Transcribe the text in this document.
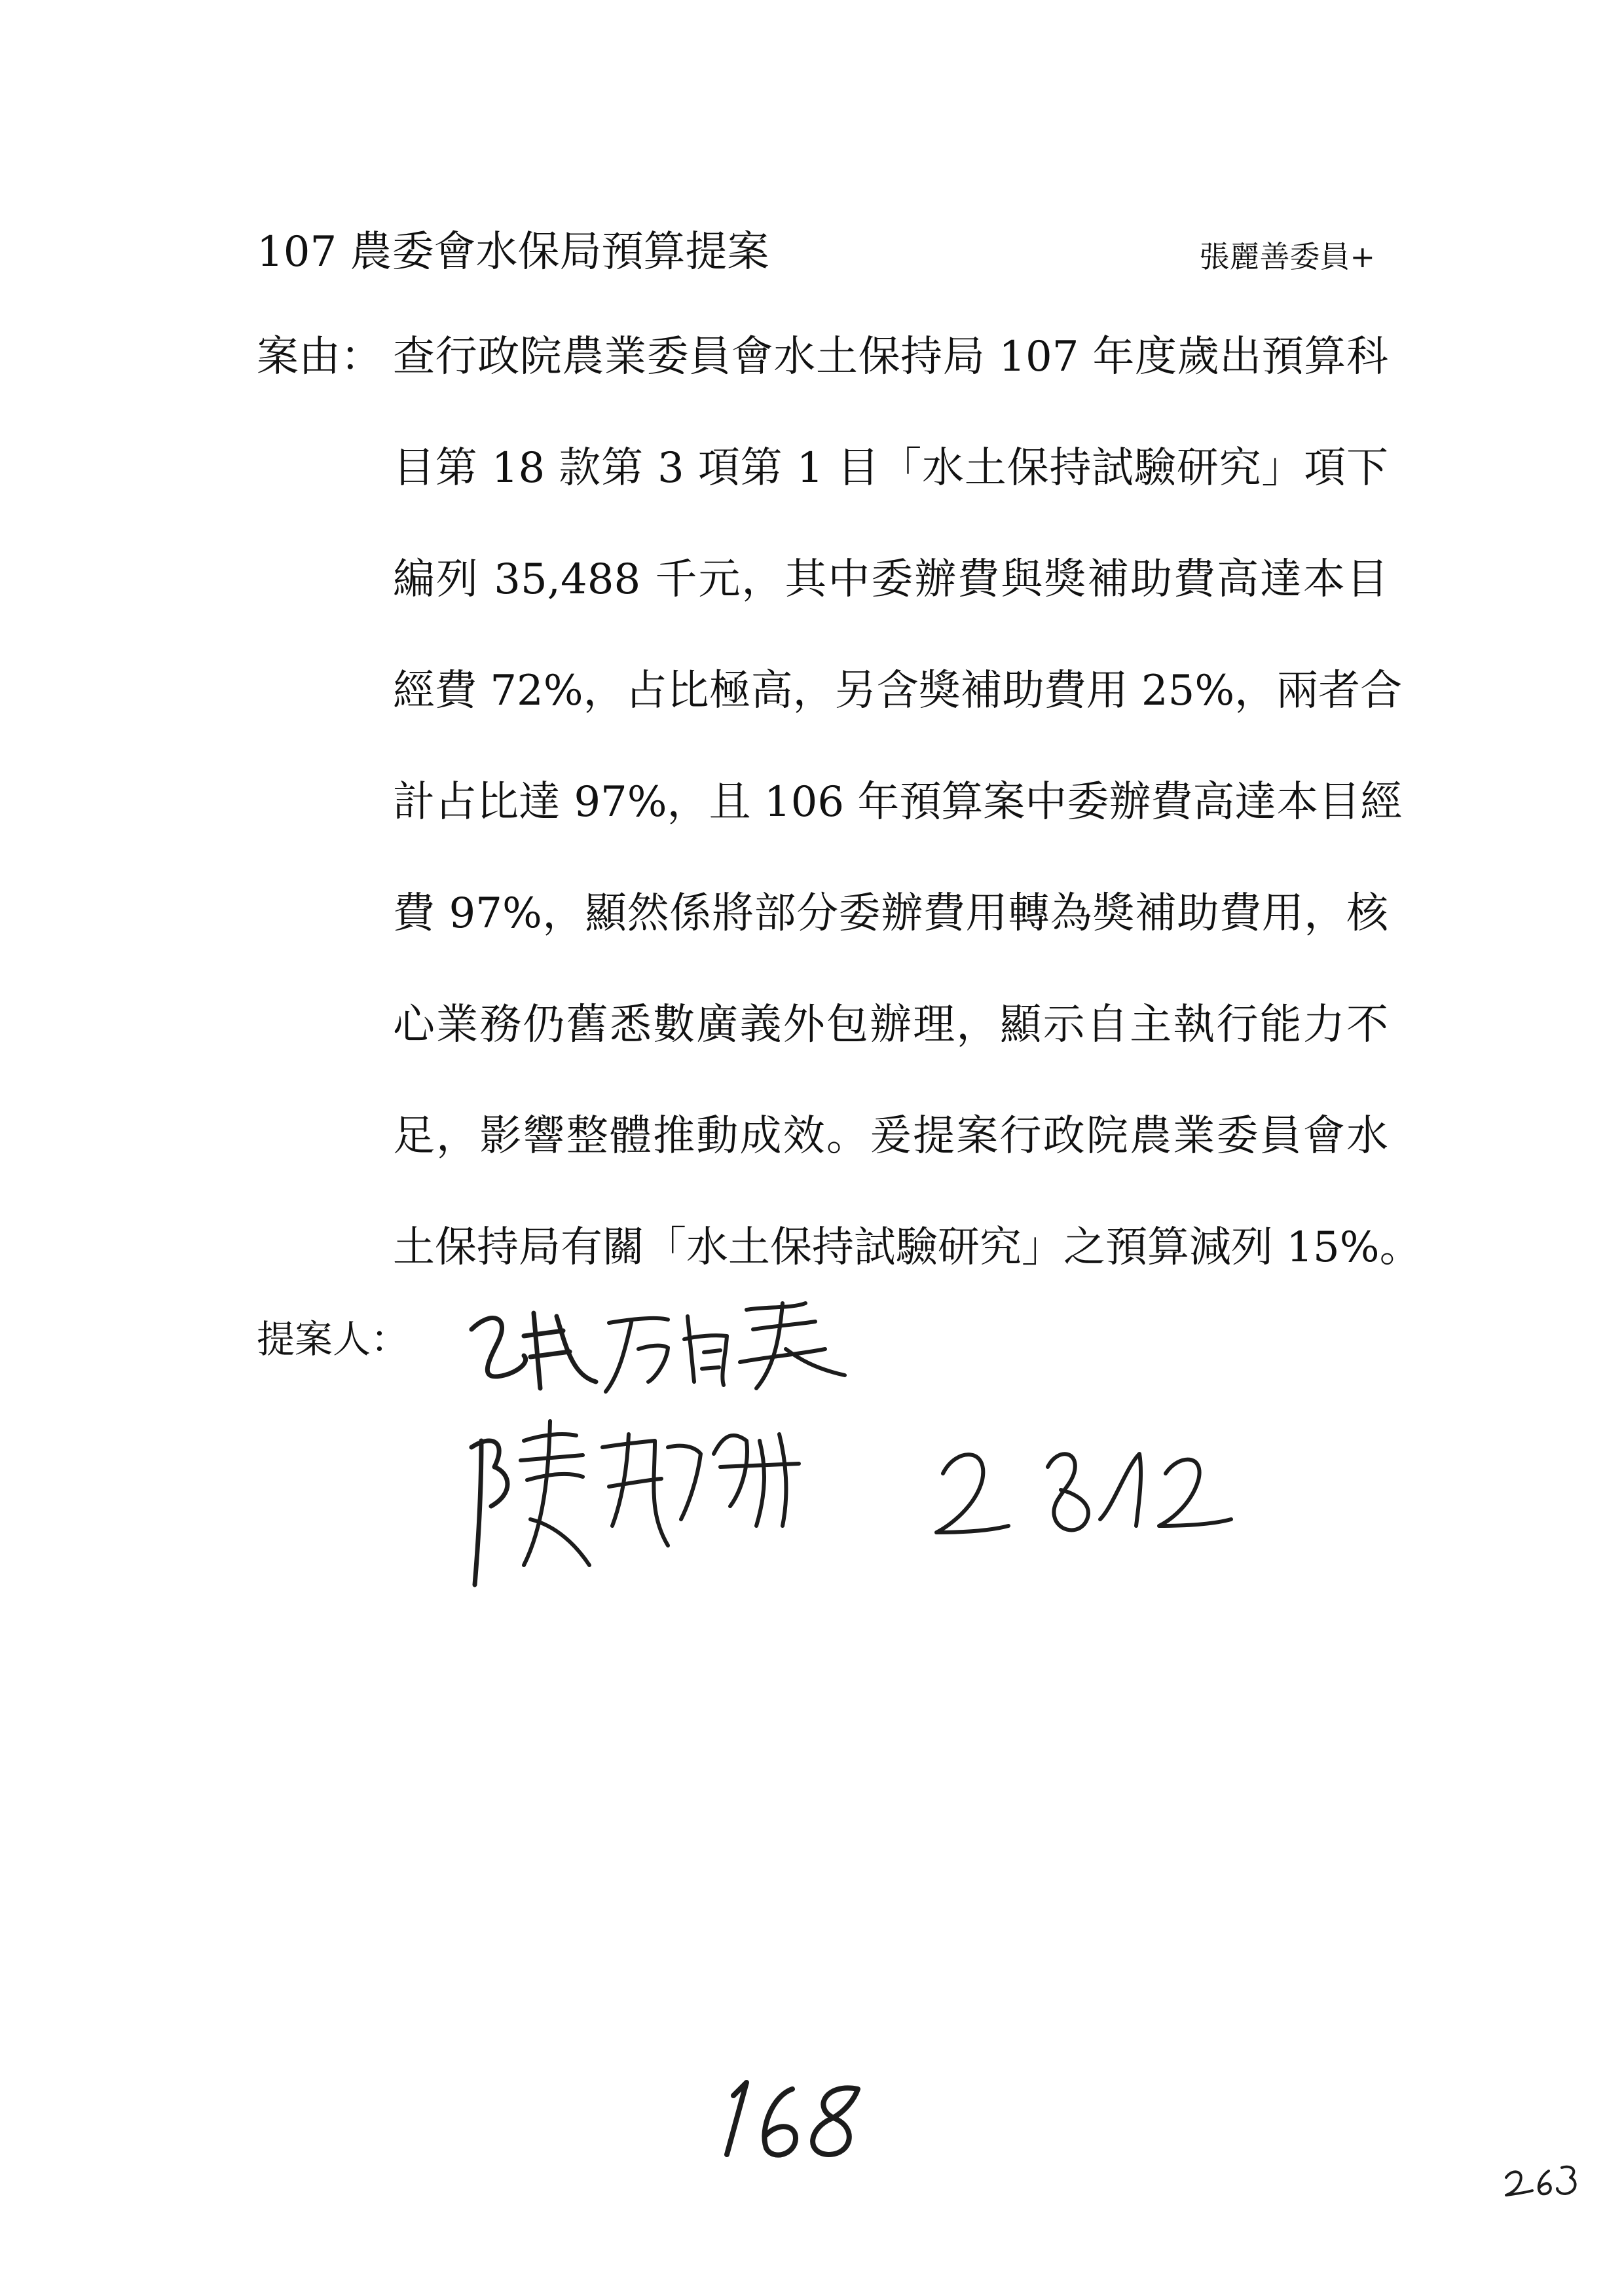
107 農委會水保局預算提案	張麗善委員+
案由： 查行政院農業委員會水土保持局 107 年度歲出預算科
目第 18 款第 3 項第 1 目「水土保持試驗研究」項下
編列 35,488 千元，其中委辦費與獎補助費高達本目
經費 72%，占比極高，另含獎補助費用 25%，兩者合
計占比達 97%，且 106 年預算案中委辦費高達本目經
費 97%，顯然係將部分委辦費用轉為獎補助費用，核
心業務仍舊悉數廣義外包辦理，顯示自主執行能力不
足，影響整體推動成效。爰提案行政院農業委員會水
土保持局有關「水土保持試驗研究」之預算減列 15%。
提案人：
